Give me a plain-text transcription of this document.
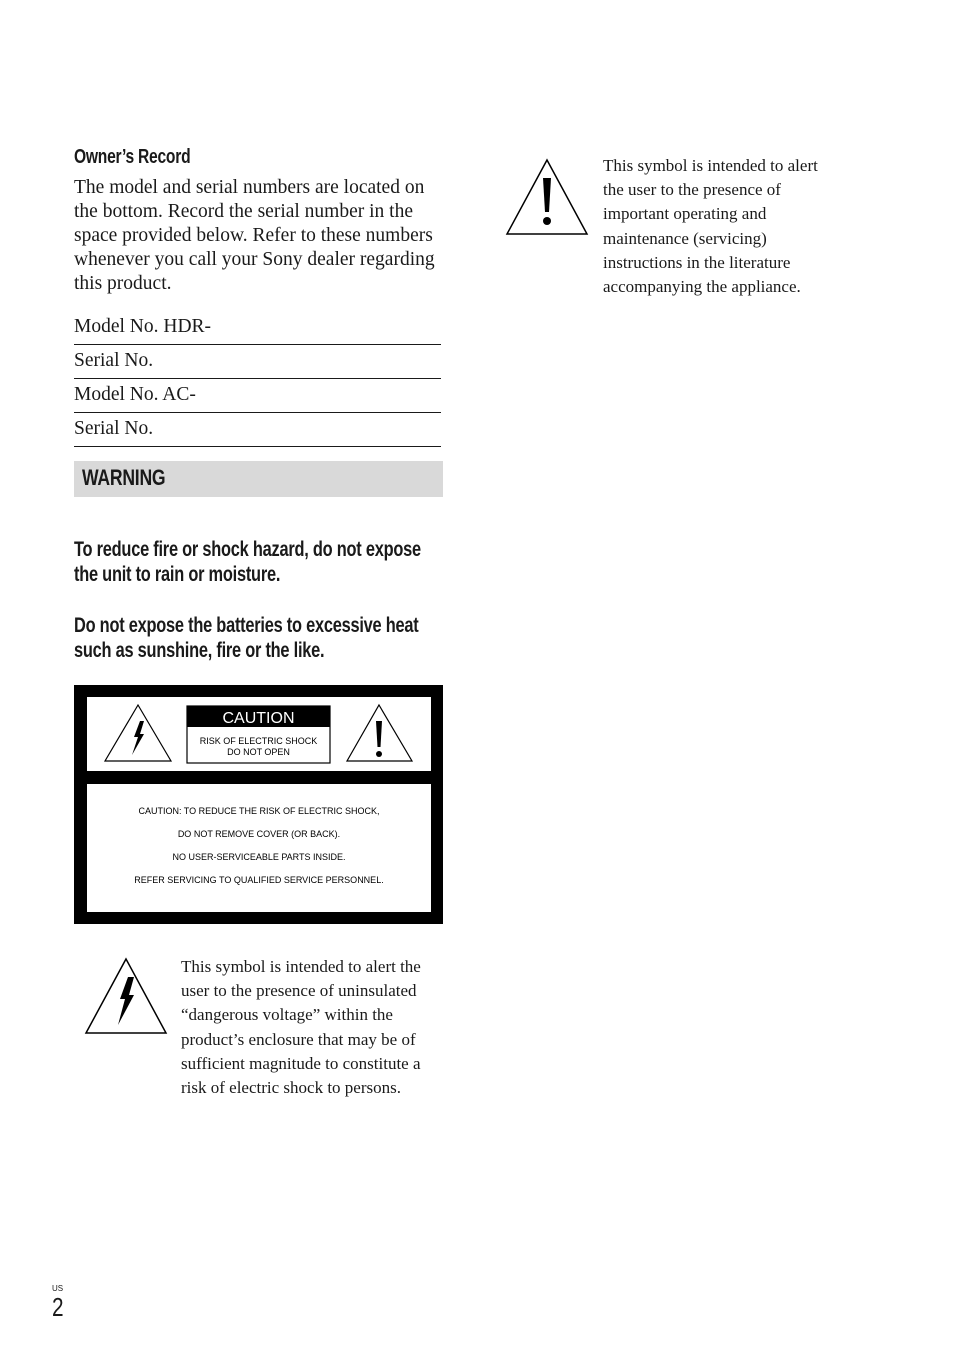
Owner’s Record
The model and serial numbers are located on the bottom. Record the serial number in the space provided below. Refer to these numbers whenever you call your Sony dealer regarding this product.
Model No. HDR-
Serial No.
Model No. AC-
Serial No.
WARNING
To reduce fire or shock hazard, do not expose
the unit to rain or moisture.
Do not expose the batteries to excessive heat
such as sunshine, fire or the like.
CAUTION
RISK OF ELECTRIC SHOCK
DO NOT OPEN
CAUTION: TO REDUCE THE RISK OF ELECTRIC SHOCK,
DO NOT REMOVE COVER (OR BACK).
NO USER-SERVICEABLE PARTS INSIDE.
REFER SERVICING TO QUALIFIED SERVICE PERSONNEL.
This symbol is intended to alert the user to the presence of uninsulated “dangerous voltage” within the product’s enclosure that may be of sufficient magnitude to constitute a risk of electric shock to persons.
This symbol is intended to alert the user to the presence of important operating and maintenance (servicing) instructions in the literature accompanying the appliance.
US
2
